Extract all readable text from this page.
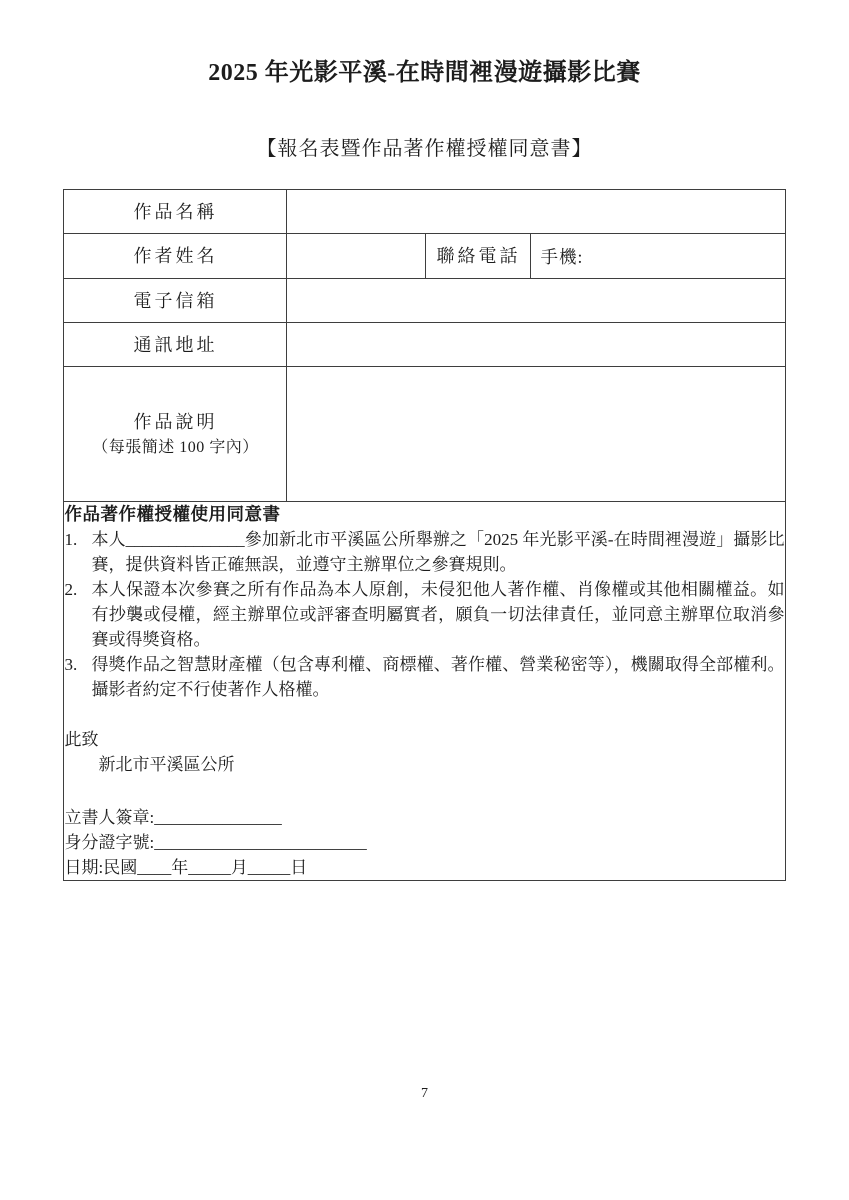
2025 年光影平溪-在時間裡漫遊攝影比賽
【報名表暨作品著作權授權同意書】
作品名稱			
作者姓名		聯絡電話	手機:
電子信箱			
通訊地址			
作品說明
（每張簡述 100 字內）			

作品著作權授權使用同意書
1. 本人______________參加新北市平溪區公所舉辦之「2025 年光影平溪-在時間裡漫遊」攝影比賽，提供資料皆正確無誤，並遵守主辦單位之參賽規則。
2. 本人保證本次參賽之所有作品為本人原創，未侵犯他人著作權、肖像權或其他相關權益。如有抄襲或侵權，經主辦單位或評審查明屬實者，願負一切法律責任，並同意主辦單位取消參賽或得獎資格。
3. 得獎作品之智慧財產權（包含專利權、商標權、著作權、營業秘密等），機關取得全部權利。攝影者約定不行使著作人格權。
此致
新北市平溪區公所
立書人簽章:_______________
身分證字號:_________________________
日期:民國____年_____月_____日
7
